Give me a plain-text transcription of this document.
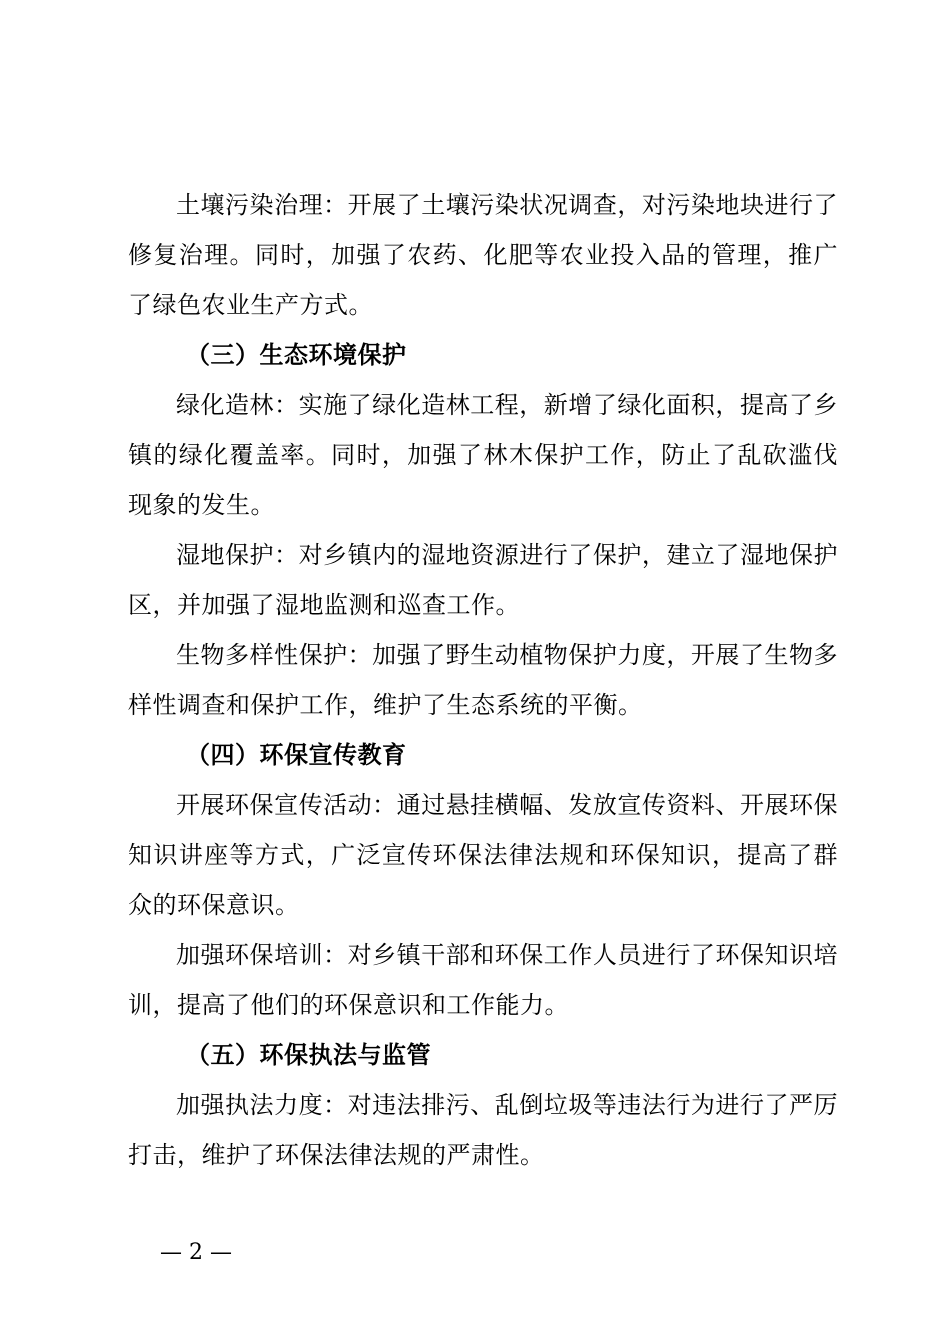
土壤污染治理：开展了土壤污染状况调查，对污染地块进行了修复治理。同时，加强了农药、化肥等农业投入品的管理，推广了绿色农业生产方式。

（三）生态环境保护

绿化造林：实施了绿化造林工程，新增了绿化面积，提高了乡镇的绿化覆盖率。同时，加强了林木保护工作，防止了乱砍滥伐现象的发生。

湿地保护：对乡镇内的湿地资源进行了保护，建立了湿地保护区，并加强了湿地监测和巡查工作。

生物多样性保护：加强了野生动植物保护力度，开展了生物多样性调查和保护工作，维护了生态系统的平衡。

（四）环保宣传教育

开展环保宣传活动：通过悬挂横幅、发放宣传资料、开展环保知识讲座等方式，广泛宣传环保法律法规和环保知识，提高了群众的环保意识。

加强环保培训：对乡镇干部和环保工作人员进行了环保知识培训，提高了他们的环保意识和工作能力。

（五）环保执法与监管

加强执法力度：对违法排污、乱倒垃圾等违法行为进行了严厉打击，维护了环保法律法规的严肃性。

— 2 —
